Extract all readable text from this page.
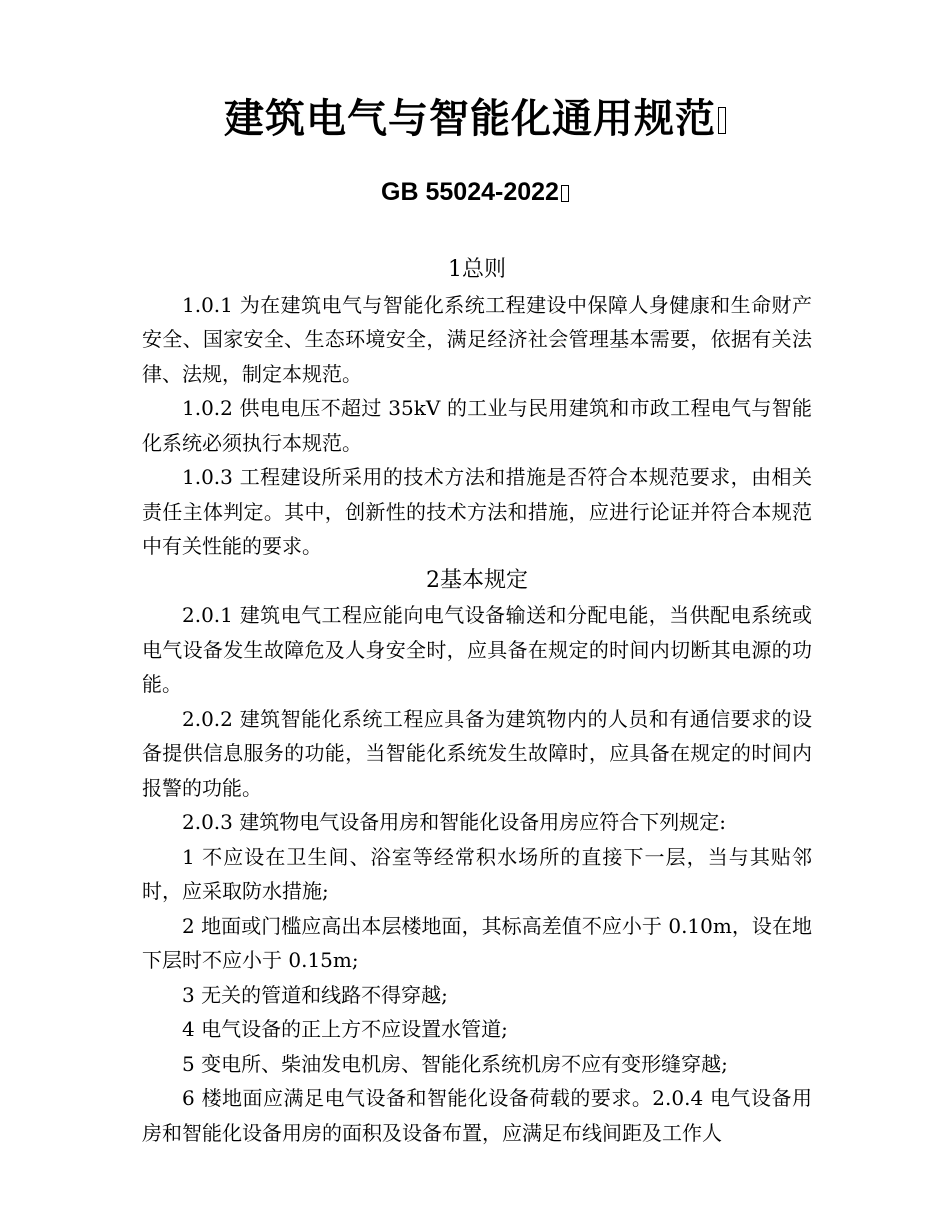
建筑电气与智能化通用规范
GB 55024-2022
1总则

1.0.1 为在建筑电气与智能化系统工程建设中保障人身健康和生命财产安全、国家安全、生态环境安全，满足经济社会管理基本需要，依据有关法律、法规，制定本规范。

1.0.2 供电电压不超过 35kV 的工业与民用建筑和市政工程电气与智能化系统必须执行本规范。

1.0.3 工程建设所采用的技术方法和措施是否符合本规范要求，由相关责任主体判定。其中，创新性的技术方法和措施，应进行论证并符合本规范中有关性能的要求。

2基本规定

2.0.1 建筑电气工程应能向电气设备输送和分配电能，当供配电系统或电气设备发生故障危及人身安全时，应具备在规定的时间内切断其电源的功能。

2.0.2 建筑智能化系统工程应具备为建筑物内的人员和有通信要求的设备提供信息服务的功能，当智能化系统发生故障时，应具备在规定的时间内报警的功能。

2.0.3 建筑物电气设备用房和智能化设备用房应符合下列规定:

1 不应设在卫生间、浴室等经常积水场所的直接下一层，当与其贴邻时，应采取防水措施;

2 地面或门槛应高出本层楼地面，其标高差值不应小于 0.10m，设在地下层时不应小于 0.15m;

3 无关的管道和线路不得穿越;

4 电气设备的正上方不应设置水管道;

5 变电所、柴油发电机房、智能化系统机房不应有变形缝穿越;

6 楼地面应满足电气设备和智能化设备荷载的要求。2.0.4 电气设备用房和智能化设备用房的面积及设备布置，应满足布线间距及工作人
